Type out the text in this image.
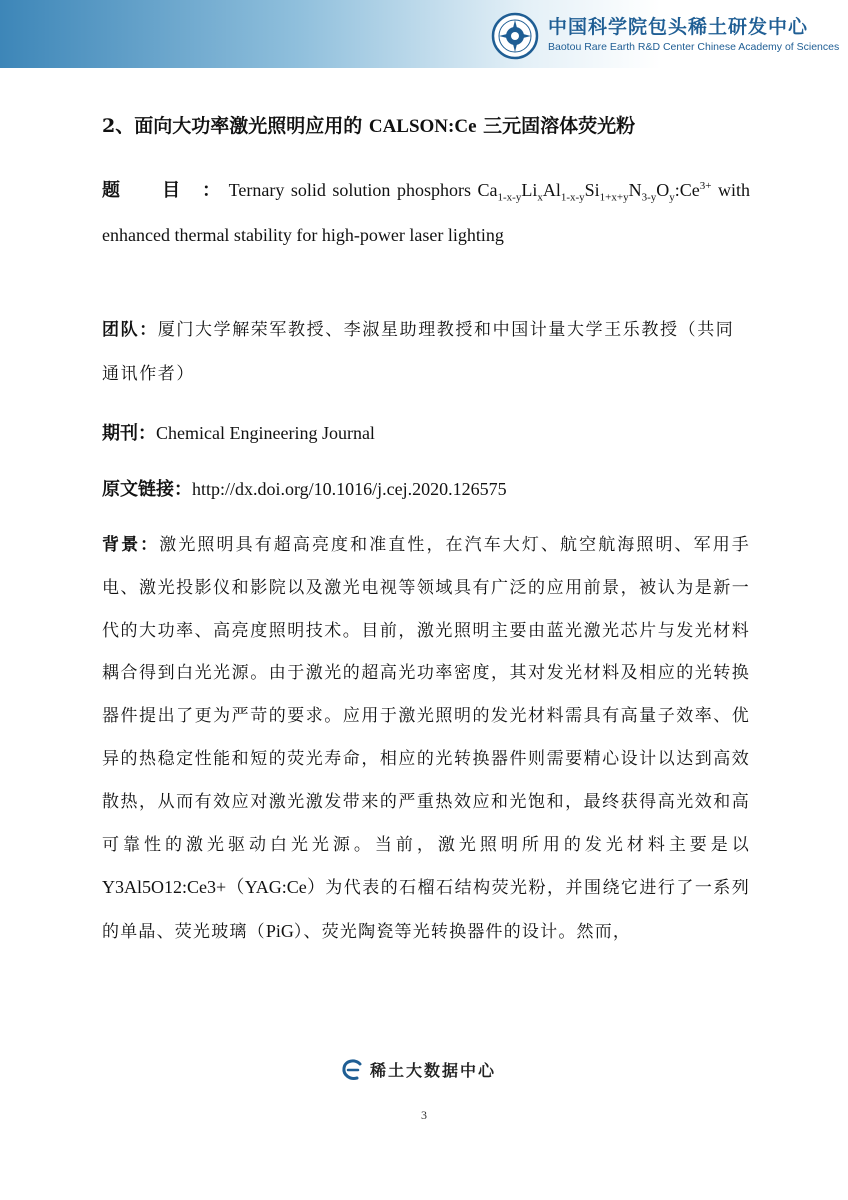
中国科学院包头稀土研发中心
Baotou Rare Earth R&D Center Chinese Academy of Sciences
2、面向大功率激光照明应用的 CALSON:Ce 三元固溶体荧光粉
题　　目　： Ternary solid solution phosphors $Ca_{1-x-y}Li_xAl_{1-x-y}Si_{1+x+y}N_{3-y}O_y:Ce^{3+}$ with enhanced thermal stability for high-power laser lighting
团队：厦门大学解荣军教授、李淑星助理教授和中国计量大学王乐教授（共同通讯作者）
期刊：Chemical Engineering Journal
原文链接：http://dx.doi.org/10.1016/j.cej.2020.126575
背景：激光照明具有超高亮度和准直性，在汽车大灯、航空航海照明、军用手电、激光投影仪和影院以及激光电视等领域具有广泛的应用前景，被认为是新一代的大功率、高亮度照明技术。目前，激光照明主要由蓝光激光芯片与发光材料耦合得到白光光源。由于激光的超高光功率密度，其对发光材料及相应的光转换器件提出了更为严苛的要求。应用于激光照明的发光材料需具有高量子效率、优异的热稳定性能和短的荧光寿命，相应的光转换器件则需要精心设计以达到高效散热，从而有效应对激光激发带来的严重热效应和光饱和，最终获得高光效和高可靠性的激光驱动白光光源。当前，激光照明所用的发光材料主要是以 Y3Al5O12:Ce3+（YAG:Ce）为代表的石榴石结构荧光粉，并围绕它进行了一系列的单晶、荧光玻璃（PiG）、荧光陶瓷等光转换器件的设计。然而，
稀土大数据中心
3
